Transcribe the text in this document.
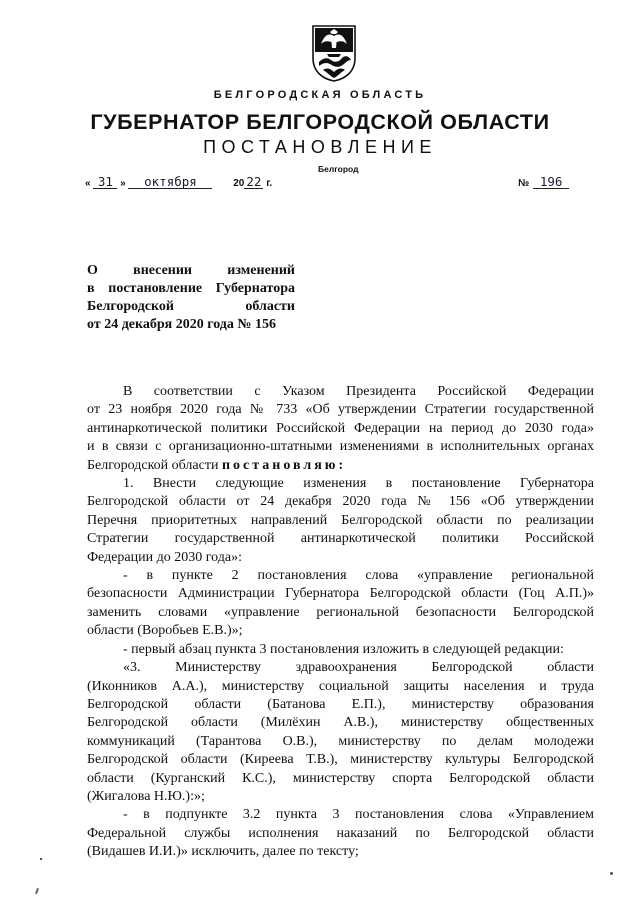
БЕЛГОРОДСКАЯ ОБЛАСТЬ
ГУБЕРНАТОР БЕЛГОРОДСКОЙ ОБЛАСТИ
ПОСТАНОВЛЕНИЕ
Белгород
« 31 » октября	20 22 г.	№ 196
О внесении изменений
в постановление Губернатора
Белгородской области
от 24 декабря 2020 года № 156
В соответствии с Указом Президента Российской Федерации
от 23 ноября 2020 года № 733 «Об утверждении Стратегии государственной
антинаркотической политики Российской Федерации на период до 2030 года»
и в связи с организационно-штатными изменениями в исполнительных органах
Белгородской области постановляю:
1. Внести следующие изменения в постановление Губернатора
Белгородской области от 24 декабря 2020 года № 156 «Об утверждении
Перечня приоритетных направлений Белгородской области по реализации
Стратегии государственной антинаркотической политики Российской
Федерации до 2030 года»:
- в пункте 2 постановления слова «управление региональной
безопасности Администрации Губернатора Белгородской области (Гоц А.П.)»
заменить словами «управление региональной безопасности Белгородской
области (Воробьев Е.В.)»;
- первый абзац пункта 3 постановления изложить в следующей редакции:
«3. Министерству здравоохранения Белгородской области
(Иконников А.А.), министерству социальной защиты населения и труда
Белгородской области (Батанова Е.П.), министерству образования
Белгородской области (Милёхин А.В.), министерству общественных
коммуникаций (Тарантова О.В.), министерству по делам молодежи
Белгородской области (Киреева Т.В.), министерству культуры Белгородской
области (Курганский К.С.), министерству спорта Белгородской области
(Жигалова Н.Ю.):»;
- в подпункте 3.2 пункта 3 постановления слова «Управлением
Федеральной службы исполнения наказаний по Белгородской области
(Видашев И.И.)» исключить, далее по тексту;
